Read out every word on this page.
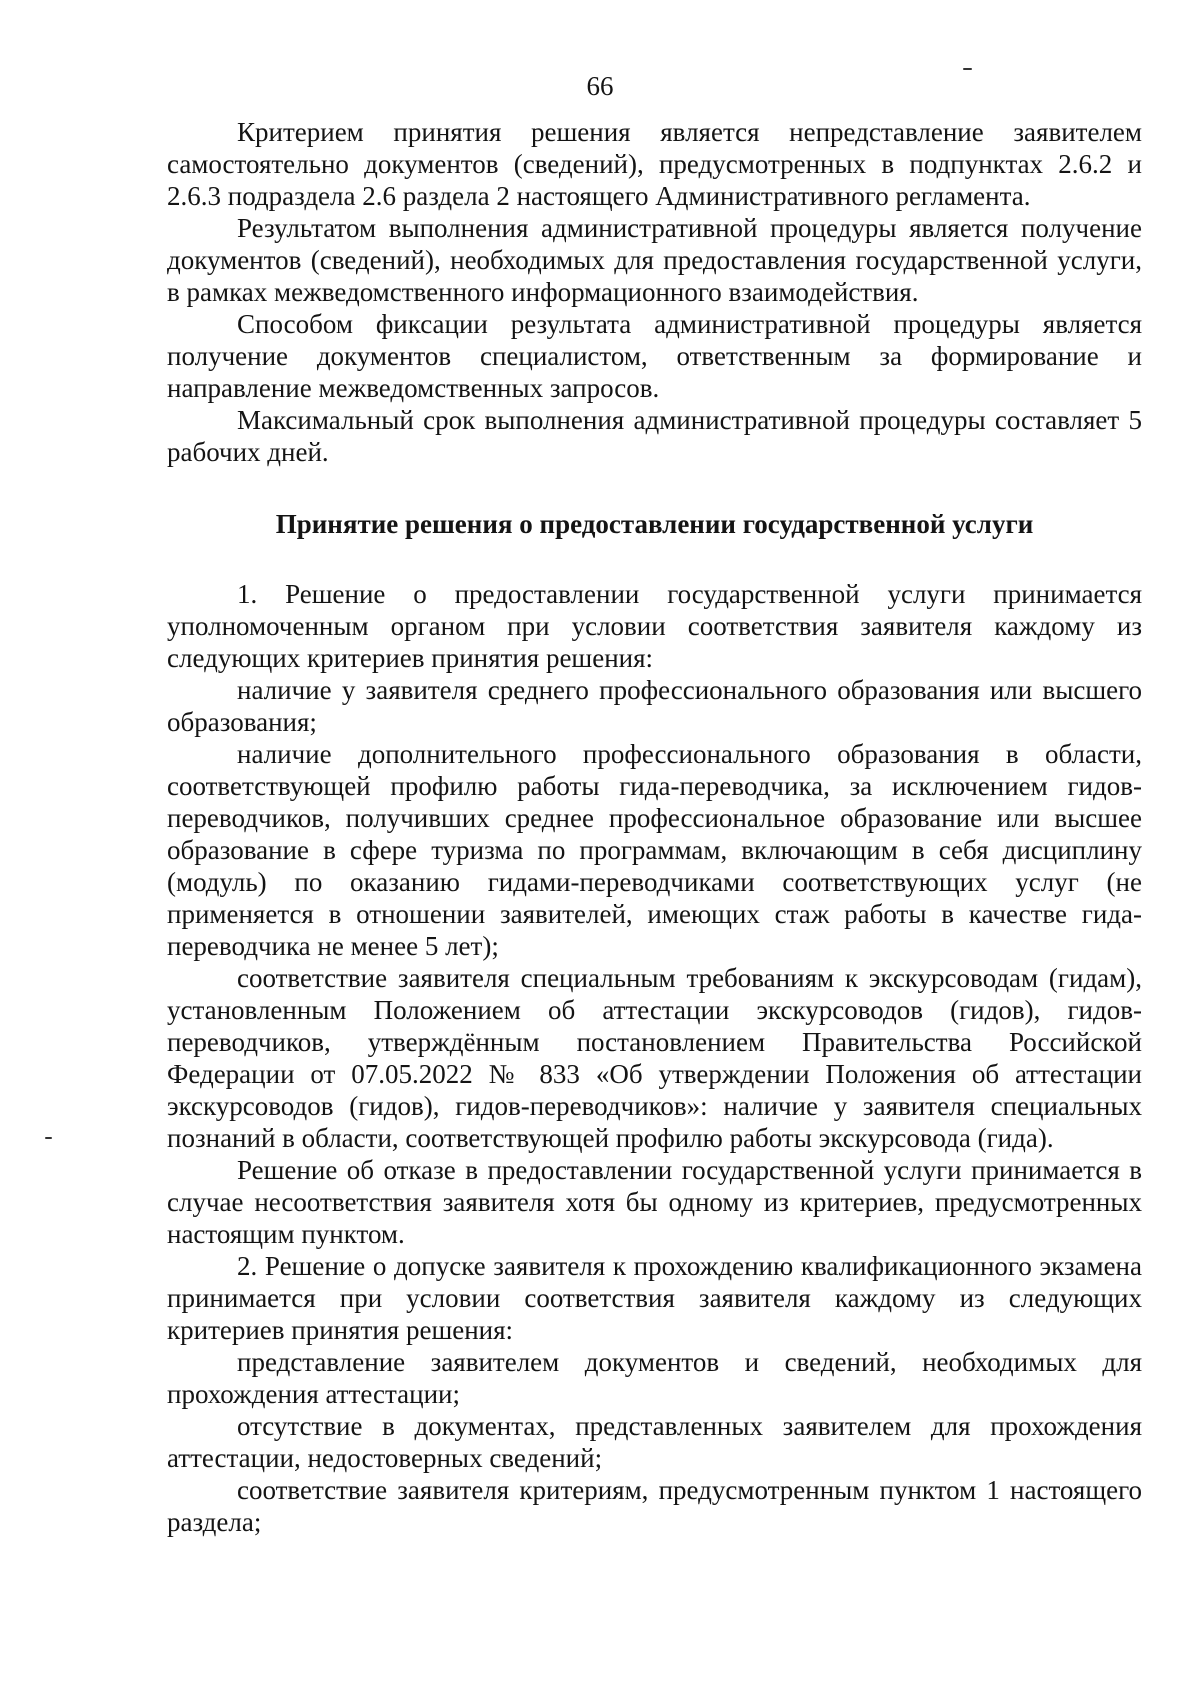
66

Критерием принятия решения является непредставление заявителем самостоятельно документов (сведений), предусмотренных в подпунктах 2.6.2 и 2.6.3 подраздела 2.6 раздела 2 настоящего Административного регламента.

Результатом выполнения административной процедуры является получение документов (сведений), необходимых для предоставления государственной услуги, в рамках межведомственного информационного взаимодействия.

Способом фиксации результата административной процедуры является получение документов специалистом, ответственным за формирование и направление межведомственных запросов.

Максимальный срок выполнения административной процедуры составляет 5 рабочих дней.

Принятие решения о предоставлении государственной услуги

1. Решение о предоставлении государственной услуги принимается уполномоченным органом при условии соответствия заявителя каждому из следующих критериев принятия решения:

наличие у заявителя среднего профессионального образования или высшего образования;

наличие дополнительного профессионального образования в области, соответствующей профилю работы гида-переводчика, за исключением гидов-переводчиков, получивших среднее профессиональное образование или высшее образование в сфере туризма по программам, включающим в себя дисциплину (модуль) по оказанию гидами-переводчиками соответствующих услуг (не применяется в отношении заявителей, имеющих стаж работы в качестве гида-переводчика не менее 5 лет);

соответствие заявителя специальным требованиям к экскурсоводам (гидам), установленным Положением об аттестации экскурсоводов (гидов), гидов-переводчиков, утверждённым постановлением Правительства Российской Федерации от 07.05.2022 № 833 «Об утверждении Положения об аттестации экскурсоводов (гидов), гидов-переводчиков»: наличие у заявителя специальных познаний в области, соответствующей профилю работы экскурсовода (гида).

Решение об отказе в предоставлении государственной услуги принимается в случае несоответствия заявителя хотя бы одному из критериев, предусмотренных настоящим пунктом.

2. Решение о допуске заявителя к прохождению квалификационного экзамена принимается при условии соответствия заявителя каждому из следующих критериев принятия решения:

представление заявителем документов и сведений, необходимых для прохождения аттестации;

отсутствие в документах, представленных заявителем для прохождения аттестации, недостоверных сведений;

соответствие заявителя критериям, предусмотренным пунктом 1 настоящего раздела;
